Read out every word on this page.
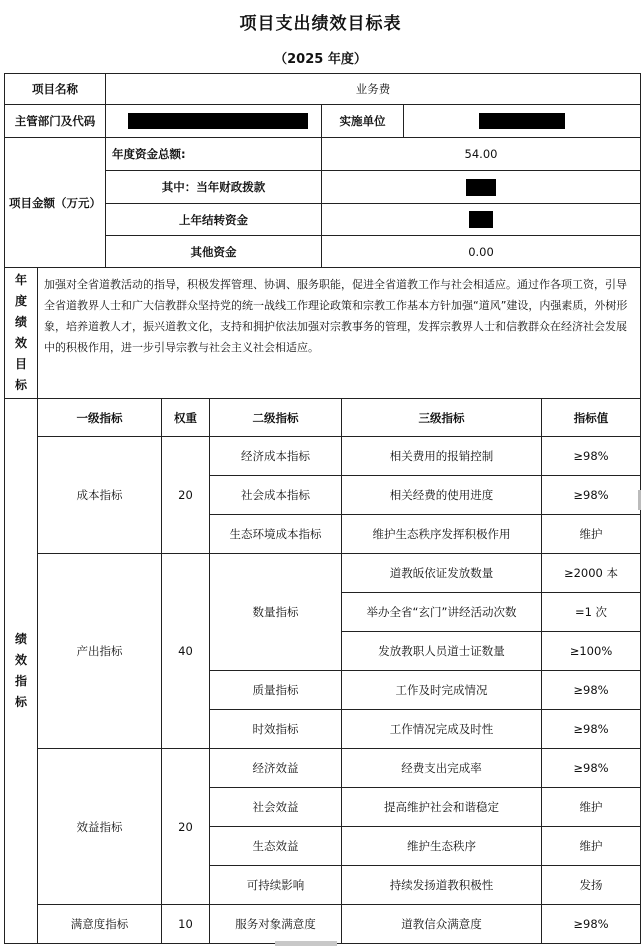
项目支出绩效目标表
（2025 年度）
项目名称	业务费		
主管部门及代码		实施单位	
项目金额（万元）	年度资金总额:	54.00	
	其中：当年财政拨款		
	上年结转资金		
	其他资金	0.00	
年
度
绩
效
目
标
	加强对全省道教活动的指导，积极发挥管理、协调、服务职能，促进全省道教工作与社会相适应。通过作各项工资，引导全省道教界人士和广大信教群众坚持党的统一战线工作理论政策和宗教工作基本方针加强“道风”建设，内强素质，外树形象，培养道教人才，振兴道教文化，支持和拥护依法加强对宗教事务的管理，发挥宗教界人士和信教群众在经济社会发展中的积极作用，进一步引导宗教与社会主义社会相适应。
绩
效
指
标	一级指标	权重	二级指标	三级指标	指标值
	成本指标	20	经济成本指标	相关费用的报销控制	≥98%
			社会成本指标	相关经费的使用进度	≥98%
			生态环境成本指标	维护生态秩序发挥积极作用	维护
	产出指标	40	数量指标	道教皈依证发放数量	≥2000 本
				举办全省“玄门”讲经活动次数	=1 次
				发放教职人员道士证数量	≥100%
			质量指标	工作及时完成情况	≥98%
			时效指标	工作情况完成及时性	≥98%
	效益指标	20	经济效益	经费支出完成率	≥98%
			社会效益	提高维护社会和谐稳定	维护
			生态效益	维护生态秩序	维护
			可持续影响	持续发扬道教积极性	发扬
	满意度指标	10	服务对象满意度	道教信众满意度	≥98%
